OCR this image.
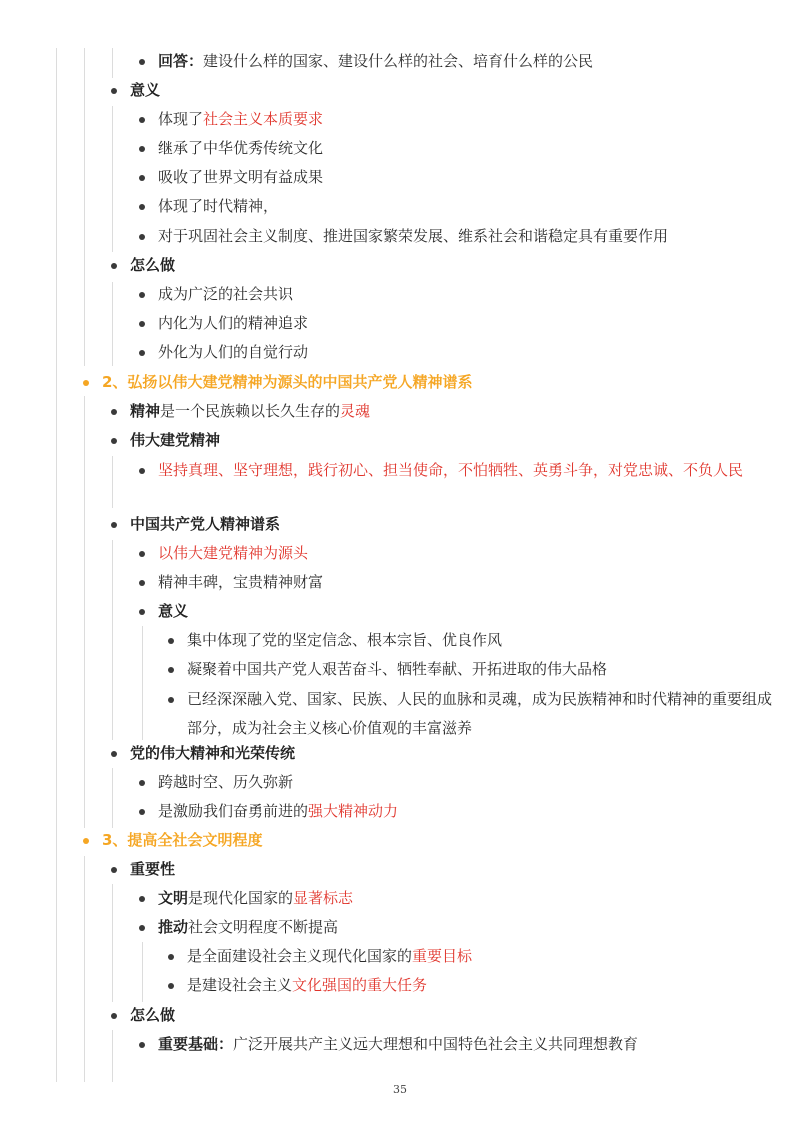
回答：建设什么样的国家、建设什么样的社会、培育什么样的公民
意义
体现了社会主义本质要求
继承了中华优秀传统文化
吸收了世界文明有益成果
体现了时代精神，
对于巩固社会主义制度、推进国家繁荣发展、维系社会和谐稳定具有重要作用
怎么做
成为广泛的社会共识
内化为人们的精神追求
外化为人们的自觉行动
2、弘扬以伟大建党精神为源头的中国共产党人精神谱系
精神是一个民族赖以长久生存的灵魂
伟大建党精神
坚持真理、坚守理想，践行初心、担当使命，不怕牺牲、英勇斗争，对党忠诚、不负人民
中国共产党人精神谱系
以伟大建党精神为源头
精神丰碑，宝贵精神财富
意义
集中体现了党的坚定信念、根本宗旨、优良作风
凝聚着中国共产党人艰苦奋斗、牺牲奉献、开拓进取的伟大品格
已经深深融入党、国家、民族、人民的血脉和灵魂，成为民族精神和时代精神的重要组成部分，成为社会主义核心价值观的丰富滋养
党的伟大精神和光荣传统
跨越时空、历久弥新
是激励我们奋勇前进的强大精神动力
3、提高全社会文明程度
重要性
文明是现代化国家的显著标志
推动社会文明程度不断提高
是全面建设社会主义现代化国家的重要目标
是建设社会主义文化强国的重大任务
怎么做
重要基础：广泛开展共产主义远大理想和中国特色社会主义共同理想教育
35
